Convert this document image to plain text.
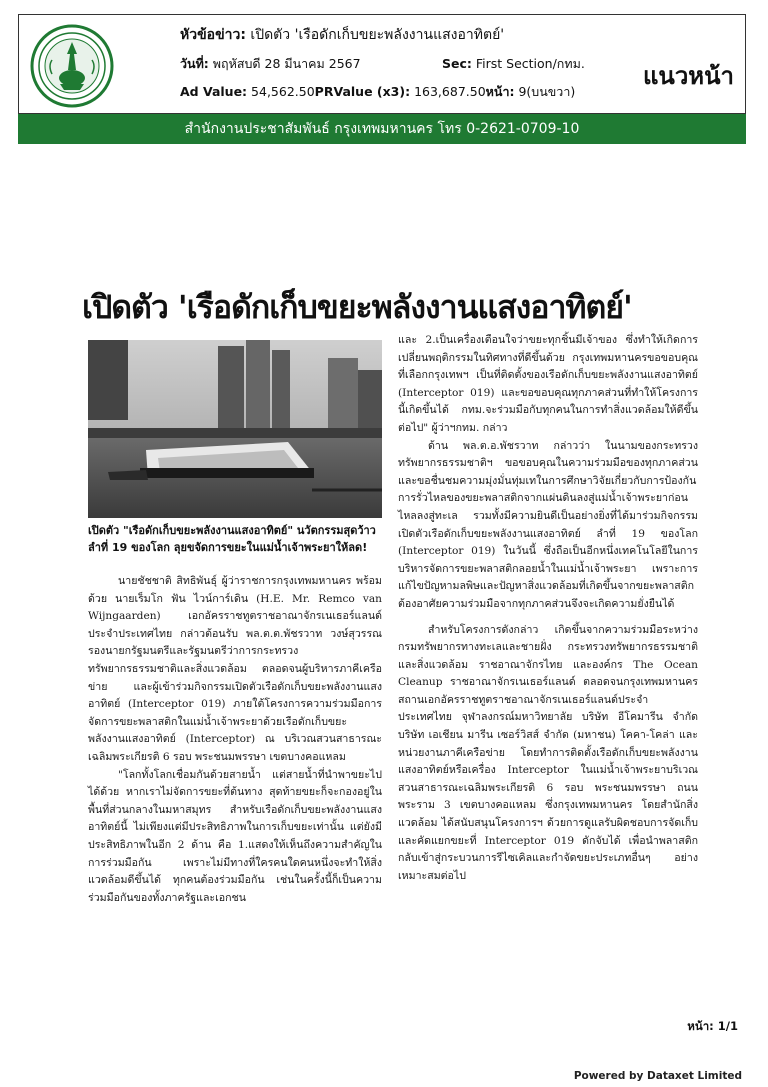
หัวข้อข่าว: เปิดตัว 'เรือดักเก็บขยะพลังงานแสงอาทิตย์'
วันที่: พฤหัสบดี 28 มีนาคม 2567	Sec: First Section/กทม.
Ad Value: 54,562.50PRValue (x3): 163,687.50หน้า: 9(บนขวา)
แนวหน้า
สำนักงานประชาสัมพันธ์ กรุงเทพมหานคร โทร 0-2621-0709-10
เปิดตัว 'เรือดักเก็บขยะพลังงานแสงอาทิตย์'
เปิดตัว "เรือดักเก็บขยะพลังงานแสงอาทิตย์" นวัตกรรมสุดว้าว ลำที่ 19 ของโลก ลุยขจัดการขยะในแม่น้ำเจ้าพระยาให้ลด!

นายชัชชาติ สิทธิพันธุ์ ผู้ว่าราชการกรุงเทพมหานคร พร้อมด้วย นายเร็มโก ฟัน ไวน์การ์เดิน (H.E. Mr. Remco van Wijngaarden) เอกอัครราชทูตราชอาณาจักรเนเธอร์แลนด์ประจำประเทศไทย กล่าวต้อนรับ พล.ต.ต.พัชรวาท วงษ์สุวรรณ รองนายกรัฐมนตรีและรัฐมนตรีว่าการกระทรวงทรัพยากรธรรมชาติและสิ่งแวดล้อม ตลอดจนผู้บริหารภาคีเครือข่าย และผู้เข้าร่วมกิจกรรมเปิดตัวเรือดักเก็บขยะพลังงานแสงอาทิตย์ (Interceptor 019) ภายใต้โครงการความร่วมมือการจัดการขยะพลาสติกในแม่น้ำเจ้าพระยาด้วยเรือดักเก็บขยะพลังงานแสงอาทิตย์ (Interceptor) ณ บริเวณสวนสาธารณะเฉลิมพระเกียรติ 6 รอบ พระชนมพรรษา เขตบางคอแหลม

"โลกทั้งโลกเชื่อมกันด้วยสายน้ำ แต่สายน้ำที่นำพาขยะไปได้ด้วย หากเราไม่จัดการขยะที่ต้นทาง สุดท้ายขยะก็จะกองอยู่ในพื้นที่ส่วนกลางในมหาสมุทร สำหรับเรือดักเก็บขยะพลังงานแสงอาทิตย์นี้ ไม่เพียงแต่มีประสิทธิภาพในการเก็บขยะเท่านั้น แต่ยังมีประสิทธิภาพในอีก 2 ด้าน คือ 1.แสดงให้เห็นถึงความสำคัญในการร่วมมือกัน เพราะไม่มีทางที่ใครคนใดคนหนึ่งจะทำให้สิ่งแวดล้อมดีขึ้นได้ ทุกคนต้องร่วมมือกัน เช่นในครั้งนี้ก็เป็นความร่วมมือกันของทั้งภาครัฐและเอกชน

และ 2.เป็นเครื่องเตือนใจว่าขยะทุกชิ้นมีเจ้าของ ซึ่งทำให้เกิดการเปลี่ยนพฤติกรรมในทิศทางที่ดีขึ้นด้วย กรุงเทพมหานครขอขอบคุณที่เลือกกรุงเทพฯ เป็นที่ติดตั้งของเรือดักเก็บขยะพลังงานแสงอาทิตย์ (Interceptor 019) และขอขอบคุณทุกภาคส่วนที่ทำให้โครงการนี้เกิดขึ้นได้ กทม.จะร่วมมือกับทุกคนในการทำสิ่งแวดล้อมให้ดีขึ้นต่อไป" ผู้ว่าฯกทม. กล่าว

ด้าน พล.ต.อ.พัชรวาท กล่าวว่า ในนามของกระทรวงทรัพยากรธรรมชาติฯ ขอขอบคุณในความร่วมมือของทุกภาคส่วน และขอชื่นชมความมุ่งมั่นทุ่มเทในการศึกษาวิจัยเกี่ยวกับการป้องกันการรั่วไหลของขยะพลาสติกจากแผ่นดินลงสู่แม่น้ำเจ้าพระยาก่อนไหลลงสู่ทะเล รวมทั้งมีความยินดีเป็นอย่างยิ่งที่ได้มาร่วมกิจกรรมเปิดตัวเรือดักเก็บขยะพลังงานแสงอาทิตย์ ลำที่ 19 ของโลก (Interceptor 019) ในวันนี้ ซึ่งถือเป็นอีกหนึ่งเทคโนโลยีในการบริหารจัดการขยะพลาสติกลอยน้ำในแม่น้ำเจ้าพระยา เพราะการแก้ไขปัญหามลพิษและปัญหาสิ่งแวดล้อมที่เกิดขึ้นจากขยะพลาสติกต้องอาศัยความร่วมมือจากทุกภาคส่วนจึงจะเกิดความยั่งยืนได้

สำหรับโครงการดังกล่าว เกิดขึ้นจากความร่วมมือระหว่างกรมทรัพยากรทางทะเลและชายฝั่ง กระทรวงทรัพยากรธรรมชาติและสิ่งแวดล้อม ราชอาณาจักรไทย และองค์กร The Ocean Cleanup ราชอาณาจักรเนเธอร์แลนด์ ตลอดจนกรุงเทพมหานคร สถานเอกอัครราชทูตราชอาณาจักรเนเธอร์แลนด์ประจำประเทศไทย จุฬาลงกรณ์มหาวิทยาลัย บริษัท อีโคมารีน จำกัด บริษัท เอเชียน มารีน เซอร์วิสส์ จำกัด (มหาชน) โคคา-โคล่า และหน่วยงานภาคีเครือข่าย โดยทำการติดตั้งเรือดักเก็บขยะพลังงานแสงอาทิตย์หรือเครื่อง Interceptor ในแม่น้ำเจ้าพระยาบริเวณสวนสาธารณะเฉลิมพระเกียรติ 6 รอบ พระชนมพรรษา ถนนพระราม 3 เขตบางคอแหลม ซึ่งกรุงเทพมหานคร โดยสำนักสิ่งแวดล้อม ได้สนับสนุนโครงการฯ ด้วยการดูแลรับผิดชอบการจัดเก็บและคัดแยกขยะที่ Interceptor 019 ดักจับได้ เพื่อนำพลาสติกกลับเข้าสู่กระบวนการรีไซเคิลและกำจัดขยะประเภทอื่นๆ อย่างเหมาะสมต่อไป

หน้า: 1/1
Powered by Dataxet Limited
